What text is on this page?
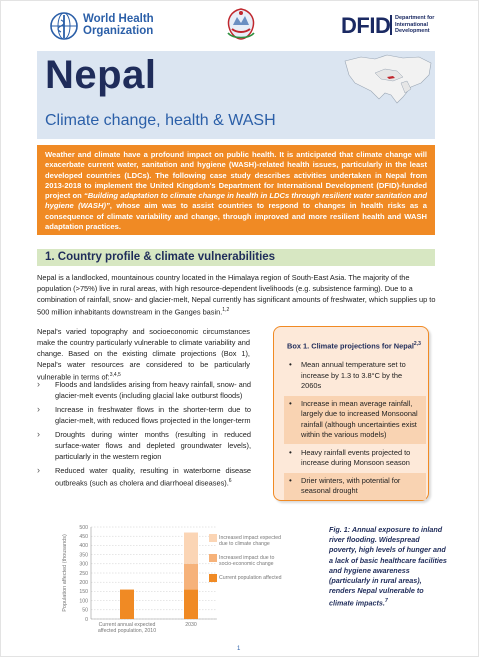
World Health
Organization	DFID Department for
International
Development
Nepal
Climate change, health & WASH
Weather and climate have a profound impact on public health. It is anticipated that climate change will exacerbate current water, sanitation and hygiene (WASH)-related health issues, particularly in the least developed countries (LDCs). The following case study describes activities undertaken in Nepal from 2013-2018 to implement the United Kingdom's Department for International Development (DFID)-funded project on “Building adaptation to climate change in health in LDCs through resilient water sanitation and hygiene (WASH)”, whose aim was to assist countries to respond to changes in health risks as a consequence of climate variability and change, through improved and more resilient health and WASH adaptation practices.
1. Country profile & climate vulnerabilities
Nepal is a landlocked, mountainous country located in the Himalaya region of South-East Asia. The majority of the population (>75%) live in rural areas, with high resource-dependent livelihoods (e.g. subsistence farming). Due to a combination of rainfall, snow- and glacier-melt, Nepal currently has significant amounts of freshwater, which supplies up to 500 million inhabitants downstream in the Ganges basin.$^{1,2}$
Nepal's varied topography and socioeconomic circumstances make the country particularly vulnerable to climate variability and change. Based on the existing climate projections (Box 1), Nepal's water resources are considered to be particularly vulnerable in terms of:$^{3,4,5}$
› Floods and landslides arising from heavy rainfall, snow- and glacier-melt events (including glacial lake outburst floods)
› Increase in freshwater flows in the shorter-term due to glacier-melt, with reduced flows projected in the longer-term
› Droughts during winter months (resulting in reduced surface-water flows and depleted groundwater levels), particularly in the western region
› Reduced water quality, resulting in waterborne disease outbreaks (such as cholera and diarrhoeal diseases).$^6$
Box 1. Climate projections for Nepal$^{2,3}$
• Mean annual temperature set to increase by 1.3 to 3.8°C by the 2060s
• Increase in mean average rainfall, largely due to increased Monsoonal rainfall (although uncertainties exist within the various models)
• Heavy rainfall events projected to increase during Monsoon season
• Drier winters, with potential for seasonal drought
Population affected (thousands)
0
50
100
150
200
250
300
350
400
450
500
Current annual expected
affected population, 2010
2030
Increased impact expected
due to climate change
Increased impact due to
socio-economic change
Current population affected
Fig. 1: Annual exposure to inland river flooding. Widespread poverty, high levels of hunger and a lack of basic healthcare facilities and hygiene awareness (particularly in rural areas), renders Nepal vulnerable to climate impacts.$^7$
1
